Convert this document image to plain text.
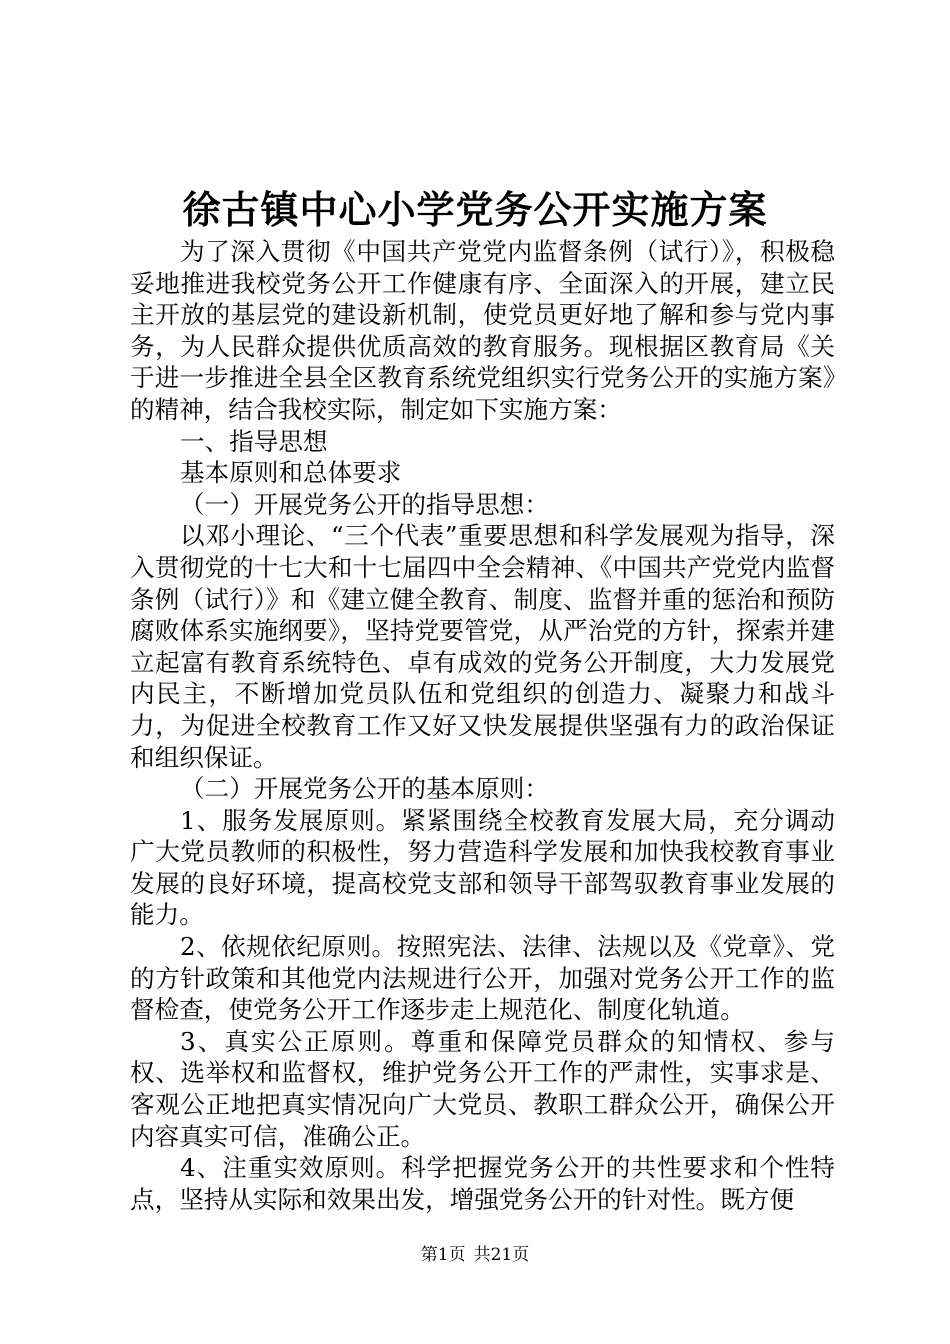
徐古镇中心小学党务公开实施方案

为了深入贯彻《中国共产党党内监督条例（试行）》，积极稳妥地推进我校党务公开工作健康有序、全面深入的开展，建立民主开放的基层党的建设新机制，使党员更好地了解和参与党内事务，为人民群众提供优质高效的教育服务。现根据区教育局《关于进一步推进全县全区教育系统党组织实行党务公开的实施方案》的精神，结合我校实际，制定如下实施方案：

一、指导思想

基本原则和总体要求

（一）开展党务公开的指导思想：

以邓小理论、“三个代表”重要思想和科学发展观为指导，深入贯彻党的十七大和十七届四中全会精神、《中国共产党党内监督条例（试行）》和《建立健全教育、制度、监督并重的惩治和预防腐败体系实施纲要》，坚持党要管党，从严治党的方针，探索并建立起富有教育系统特色、卓有成效的党务公开制度，大力发展党内民主，不断增加党员队伍和党组织的创造力、凝聚力和战斗力，为促进全校教育工作又好又快发展提供坚强有力的政治保证和组织保证。

（二）开展党务公开的基本原则：

1、服务发展原则。紧紧围绕全校教育发展大局，充分调动广大党员教师的积极性，努力营造科学发展和加快我校教育事业发展的良好环境，提高校党支部和领导干部驾驭教育事业发展的能力。

2、依规依纪原则。按照宪法、法律、法规以及《党章》、党的方针政策和其他党内法规进行公开，加强对党务公开工作的监督检查，使党务公开工作逐步走上规范化、制度化轨道。

3、真实公正原则。尊重和保障党员群众的知情权、参与权、选举权和监督权，维护党务公开工作的严肃性，实事求是、客观公正地把真实情况向广大党员、教职工群众公开，确保公开内容真实可信，准确公正。

4、注重实效原则。科学把握党务公开的共性要求和个性特点，坚持从实际和效果出发，增强党务公开的针对性。既方便

第1页 共21页
